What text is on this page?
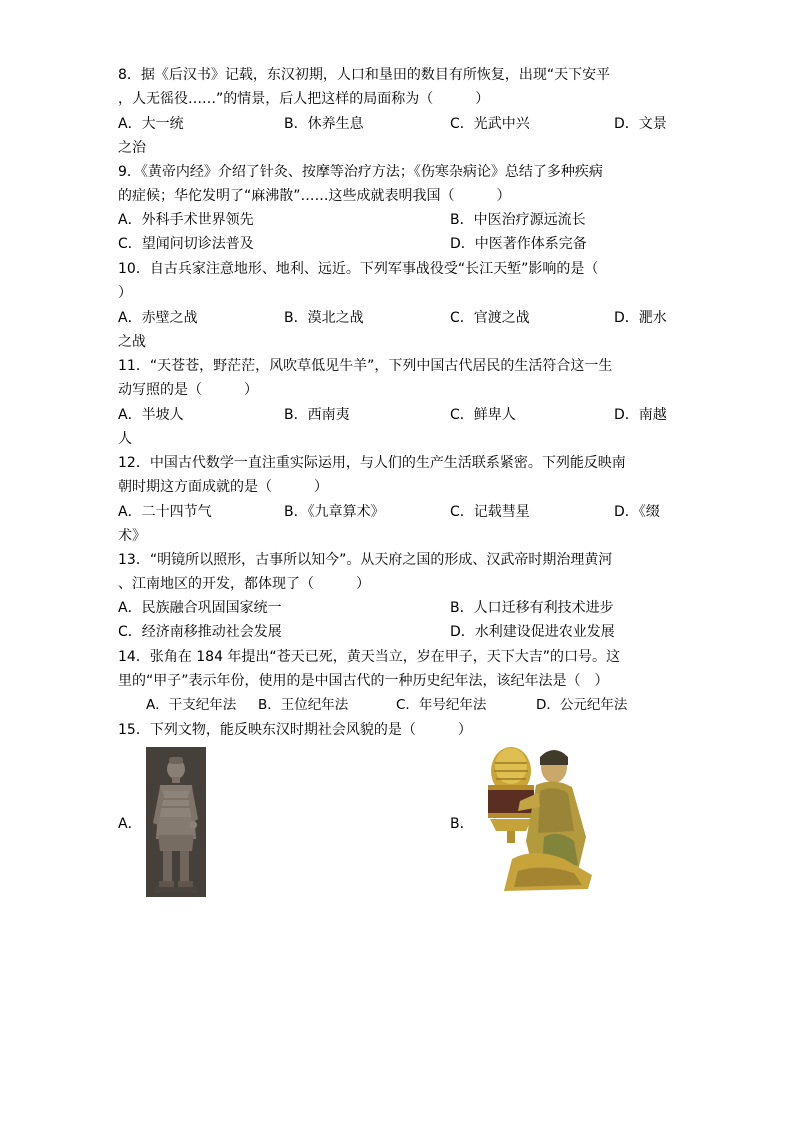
8．据《后汉书》记载，东汉初期，人口和垦田的数目有所恢复，出现“天下安平
，人无徭役……”的情景，后人把这样的局面称为（　　　）
A．大一统	B．休养生息	C．光武中兴	D．文景
之治
9．《黄帝内经》介绍了针灸、按摩等治疗方法；《伤寒杂病论》总结了多种疾病
的症候；华佗发明了“麻沸散”……这些成就表明我国（　　　）
A．外科手术世界领先	B．中医治疗源远流长
C．望闻问切诊法普及	D．中医著作体系完备
10．自古兵家注意地形、地利、远近。下列军事战役受“长江天堑”影响的是（
）
A．赤壁之战	B．漠北之战	C．官渡之战	D．淝水
之战
11．“天苍苍，野茫茫，风吹草低见牛羊”，下列中国古代居民的生活符合这一生
动写照的是（　　　）
A．半坡人	B．西南夷	C．鲜卑人	D．南越
人
12．中国古代数学一直注重实际运用，与人们的生产生活联系紧密。下列能反映南
朝时期这方面成就的是（　　　）
A．二十四节气	B．《九章算术》	C．记载彗星	D．《缀
术》
13．“明镜所以照形，古事所以知今”。从天府之国的形成、汉武帝时期治理黄河
、江南地区的开发，都体现了（　　　）
A．民族融合巩固国家统一	B．人口迁移有利技术进步
C．经济南移推动社会发展	D．水利建设促进农业发展
14．张角在 184 年提出“苍天已死，黄天当立，岁在甲子，天下大吉”的口号。这
里的“甲子”表示年份，使用的是中国古代的一种历史纪年法，该纪年法是（　）
A．干支纪年法 B．王位纪年法	C．年号纪年法	D．公元纪年法
15．下列文物，能反映东汉时期社会风貌的是（　　　）
A．	B．
